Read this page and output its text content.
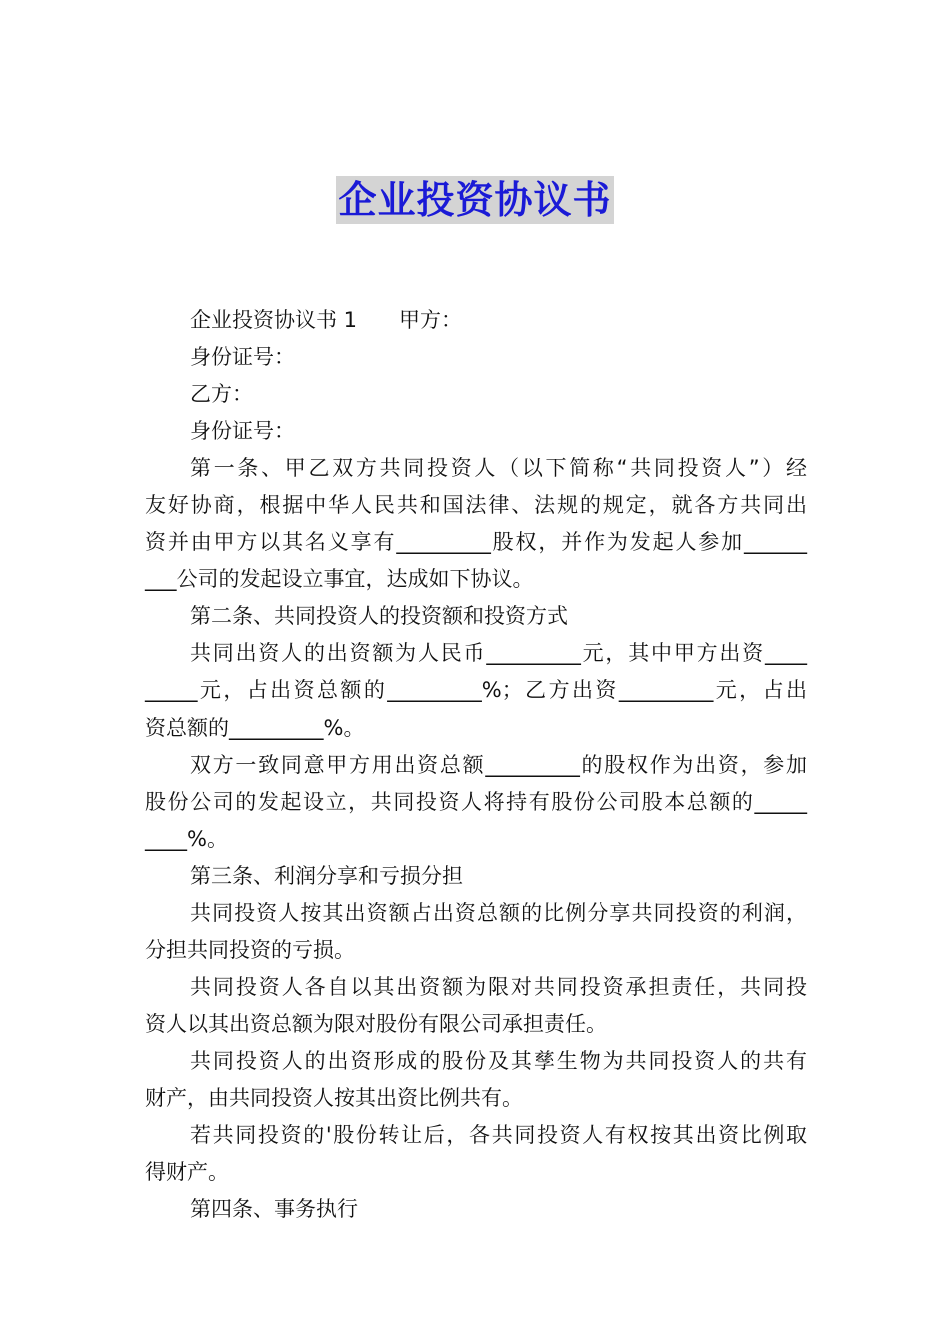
企业投资协议书
企业投资协议书 1　　甲方：
身份证号：
乙方：
身份证号：
第一条、甲乙双方共同投资人（以下简称“共同投资人”）经
友好协商，根据中华人民共和国法律、法规的规定，就各方共同出
资并由甲方以其名义享有_________股权，并作为发起人参加______
___公司的发起设立事宜，达成如下协议。
第二条、共同投资人的投资额和投资方式
共同出资人的出资额为人民币_________元，其中甲方出资____
_____元，占出资总额的_________%；乙方出资_________元，占出
资总额的_________%。
双方一致同意甲方用出资总额_________的股权作为出资，参加
股份公司的发起设立，共同投资人将持有股份公司股本总额的_____
____%。
第三条、利润分享和亏损分担
共同投资人按其出资额占出资总额的比例分享共同投资的利润，
分担共同投资的亏损。
共同投资人各自以其出资额为限对共同投资承担责任，共同投
资人以其出资总额为限对股份有限公司承担责任。
共同投资人的出资形成的股份及其孳生物为共同投资人的共有
财产，由共同投资人按其出资比例共有。
若共同投资的'股份转让后，各共同投资人有权按其出资比例取
得财产。
第四条、事务执行
